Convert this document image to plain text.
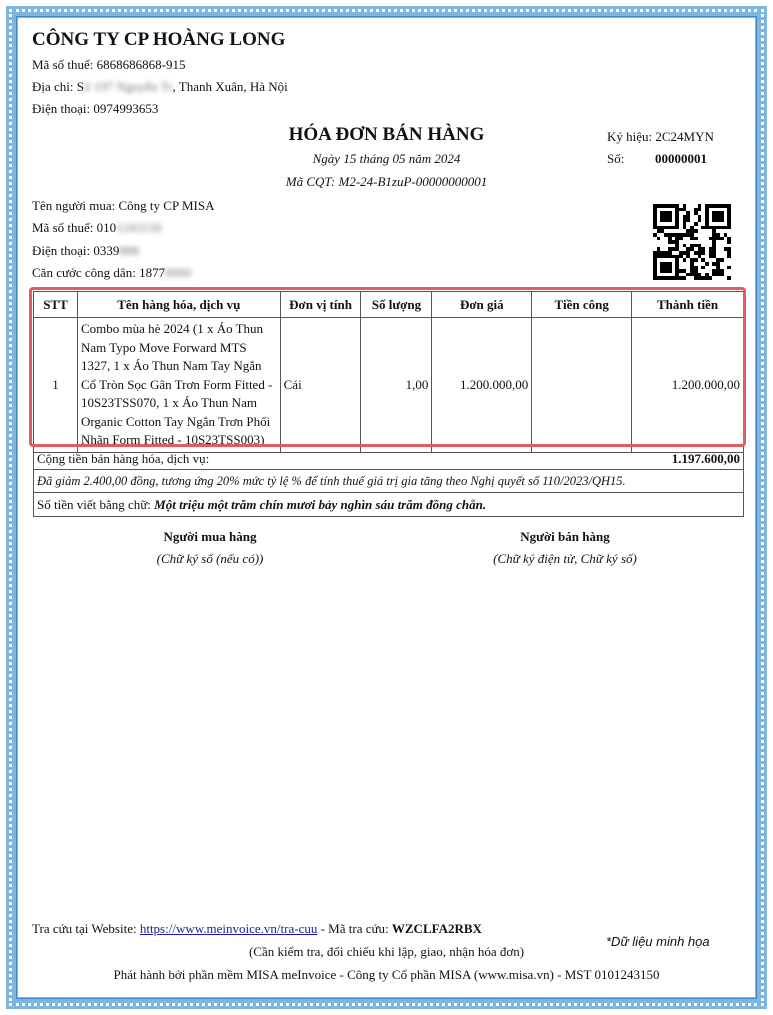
CÔNG TY CP HOÀNG LONG
Mã số thuế: 6868686868-915
Địa chỉ: Số 197 Nguyễn Tr, Thanh Xuân, Hà Nội
Điện thoại: 0974993653
HÓA ĐƠN BÁN HÀNG
Ngày 15 tháng 05 năm 2024
Mã CQT: M2-24-B1zuP-00000000001
Ký hiệu: 2C24MYN
Số: 00000001
Tên người mua: Công ty CP MISA
Mã số thuế: 0101243150
Điện thoại: 0339888
Căn cước công dân: 18770000
STT	Tên hàng hóa, dịch vụ	Đơn vị tính	Số lượng	Đơn giá	Tiền công	Thành tiền
1	Combo mùa hè 2024 (1 x Áo Thun Nam Typo Move Forward MTS 1327, 1 x Áo Thun Nam Tay Ngắn Cổ Tròn Sọc Gân Trơn Form Fitted - 10S23TSS070, 1 x Áo Thun Nam Organic Cotton Tay Ngắn Trơn Phối Nhãn Form Fitted - 10S23TSS003)	Cái	1,00	1.200.000,00		1.200.000,00
Cộng tiền bán hàng hóa, dịch vụ:	1.197.600,00
Đã giảm 2.400,00 đồng, tương ứng 20% mức tỷ lệ % để tính thuế giá trị gia tăng theo Nghị quyết số 110/2023/QH15.
Số tiền viết bằng chữ: Một triệu một trăm chín mươi bảy nghìn sáu trăm đồng chẵn.
Người mua hàng
(Chữ ký số (nếu có))
Người bán hàng
(Chữ ký điện tử, Chữ ký số)
Tra cứu tại Website: https://www.meinvoice.vn/tra-cuu - Mã tra cứu: WZCLFA2RBX
(Cần kiểm tra, đối chiếu khi lập, giao, nhận hóa đơn)
Phát hành bởi phần mềm MISA meInvoice - Công ty Cổ phần MISA (www.misa.vn) - MST 0101243150
*Dữ liệu minh họa
